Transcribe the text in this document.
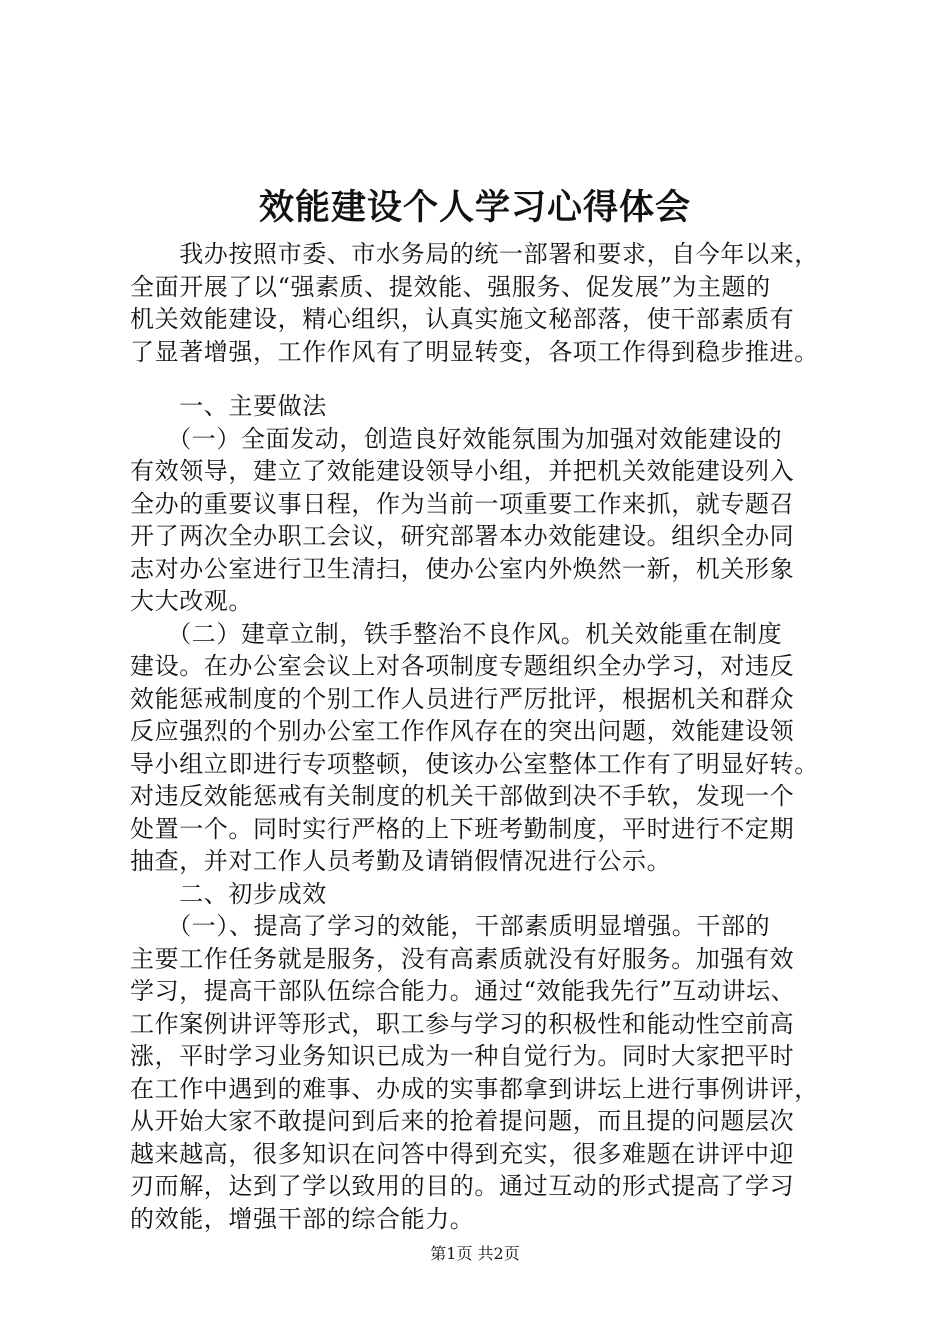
效能建设个人学习心得体会
　　我办按照市委、市水务局的统一部署和要求，自今年以来，
全面开展了以“强素质、提效能、强服务、促发展”为主题的
机关效能建设，精心组织，认真实施文秘部落，使干部素质有
了显著增强，工作作风有了明显转变，各项工作得到稳步推进。
　　一、主要做法
　　（一）全面发动，创造良好效能氛围为加强对效能建设的
有效领导，建立了效能建设领导小组，并把机关效能建设列入
全办的重要议事日程，作为当前一项重要工作来抓，就专题召
开了两次全办职工会议，研究部署本办效能建设。组织全办同
志对办公室进行卫生清扫，使办公室内外焕然一新，机关形象
大大改观。
　　（二）建章立制，铁手整治不良作风。机关效能重在制度
建设。在办公室会议上对各项制度专题组织全办学习，对违反
效能惩戒制度的个别工作人员进行严厉批评，根据机关和群众
反应强烈的个别办公室工作作风存在的突出问题，效能建设领
导小组立即进行专项整顿，使该办公室整体工作有了明显好转。
对违反效能惩戒有关制度的机关干部做到决不手软，发现一个
处置一个。同时实行严格的上下班考勤制度，平时进行不定期
抽查，并对工作人员考勤及请销假情况进行公示。
　　二、初步成效
　　（一）、提高了学习的效能，干部素质明显增强。干部的
主要工作任务就是服务，没有高素质就没有好服务。加强有效
学习，提高干部队伍综合能力。通过“效能我先行”互动讲坛、
工作案例讲评等形式，职工参与学习的积极性和能动性空前高
涨，平时学习业务知识已成为一种自觉行为。同时大家把平时
在工作中遇到的难事、办成的实事都拿到讲坛上进行事例讲评，
从开始大家不敢提问到后来的抢着提问题，而且提的问题层次
越来越高，很多知识在问答中得到充实，很多难题在讲评中迎
刃而解，达到了学以致用的目的。通过互动的形式提高了学习
的效能，增强干部的综合能力。
第1页 共2页
